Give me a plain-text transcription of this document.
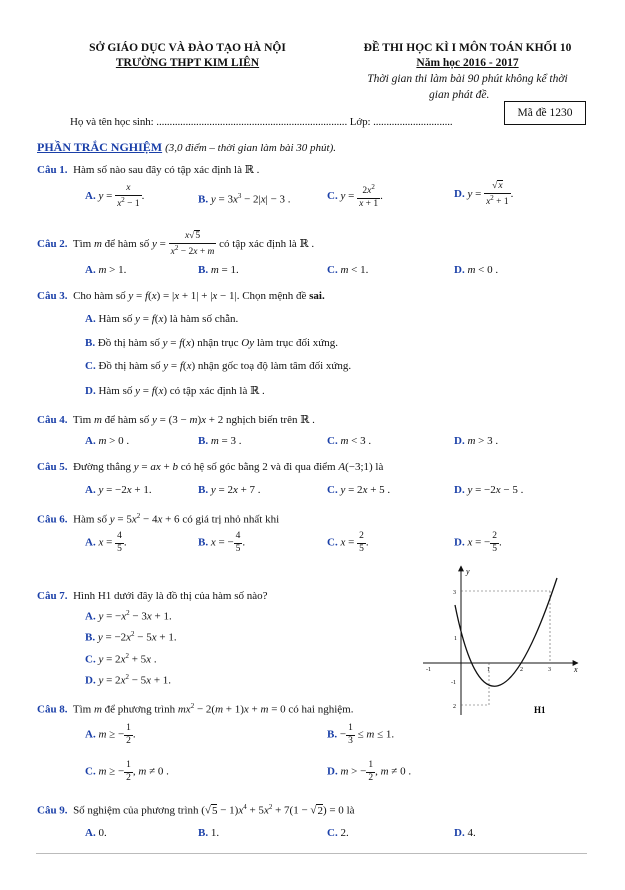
SỞ GIÁO DỤC VÀ ĐÀO TẠO HÀ NỘI
TRƯỜNG THPT KIM LIÊN
ĐỀ THI HỌC KÌ I MÔN TOÁN KHỐI 10
Năm học 2016 - 2017
Thời gian thi làm bài 90 phút không kể thời
gian phát đề.
Mã đề 1230
Họ và tên học sinh: ........................................................................ Lớp: ..............................
PHẦN TRẮC NGHIỆM (3,0 điểm – thời gian làm bài 30 phút).
Câu 1. Hàm số nào sau đây có tập xác định là ℝ .
A. $y = \frac{x}{x^2 - 1}$ .	B. $y = 3x^3 - 2|x| - 3$ .	C. $y = \frac{2x^2}{x + 1}$ .	D. $y = \frac{√x}{x^2 + 1}$ .
Câu 2. Tìm m để hàm số $y = \frac{x√5}{x^2 - 2x + m}$ có tập xác định là ℝ .
A. m > 1.	B. m = 1.	C. m < 1.	D. m < 0 .
Câu 3. Cho hàm số y = f(x) = |x + 1| + |x − 1|. Chọn mệnh đề sai.
A. Hàm số y = f(x) là hàm số chẵn.
B. Đồ thị hàm số y = f(x) nhận trục Oy làm trục đối xứng.
C. Đồ thị hàm số y = f(x) nhận gốc toạ độ làm tâm đối xứng.
D. Hàm số y = f(x) có tập xác định là ℝ .
Câu 4. Tìm m để hàm số y = (3 − m)x + 2 nghịch biến trên ℝ .
A. m > 0 .	B. m = 3 .	C. m < 3 .	D. m > 3 .
Câu 5. Đường thẳng y = ax + b có hệ số góc bằng 2 và đi qua điểm A(−3;1) là
A. y = −2x + 1.	B. y = 2x + 7 .	C. y = 2x + 5 .	D. y = −2x − 5 .
Câu 6. Hàm số $y = 5x^2 - 4x + 6$ có giá trị nhỏ nhất khi
A. $x = \frac{4}{5}$ .	B. x = − $\frac{4}{5}$ .	C. $x = \frac{2}{5}$ .	D. x = − $\frac{2}{5}$ .
Câu 7. Hình H1 dưới đây là đồ thị của hàm số nào?
A. $y = -x^2 - 3x + 1$.
B. $y = -2x^2 - 5x + 1$.
C. $y = 2x^2 + 5x$ .
D. $y = 2x^2 - 5x + 1$.
y
x
-1	1	2	3
3
1
-1
2	H1
Câu 8. Tìm m để phương trình $mx^2 - 2(m + 1)x + m = 0$ có hai nghiệm.
A. m ≥ − $\frac{1}{2}$ .	B. − $\frac{1}{3} \le m \le 1$.
C. m ≥ − $\frac{1}{2}$ , m ≠ 0 .	D. m > − $\frac{1}{2}$ , m ≠ 0 .
Câu 9. Số nghiệm của phương trình $(√5 - 1)x^4 + 5x^2 + 7(1 - √2) = 0$ là
A. 0.	B. 1.	C. 2.	D. 4.
